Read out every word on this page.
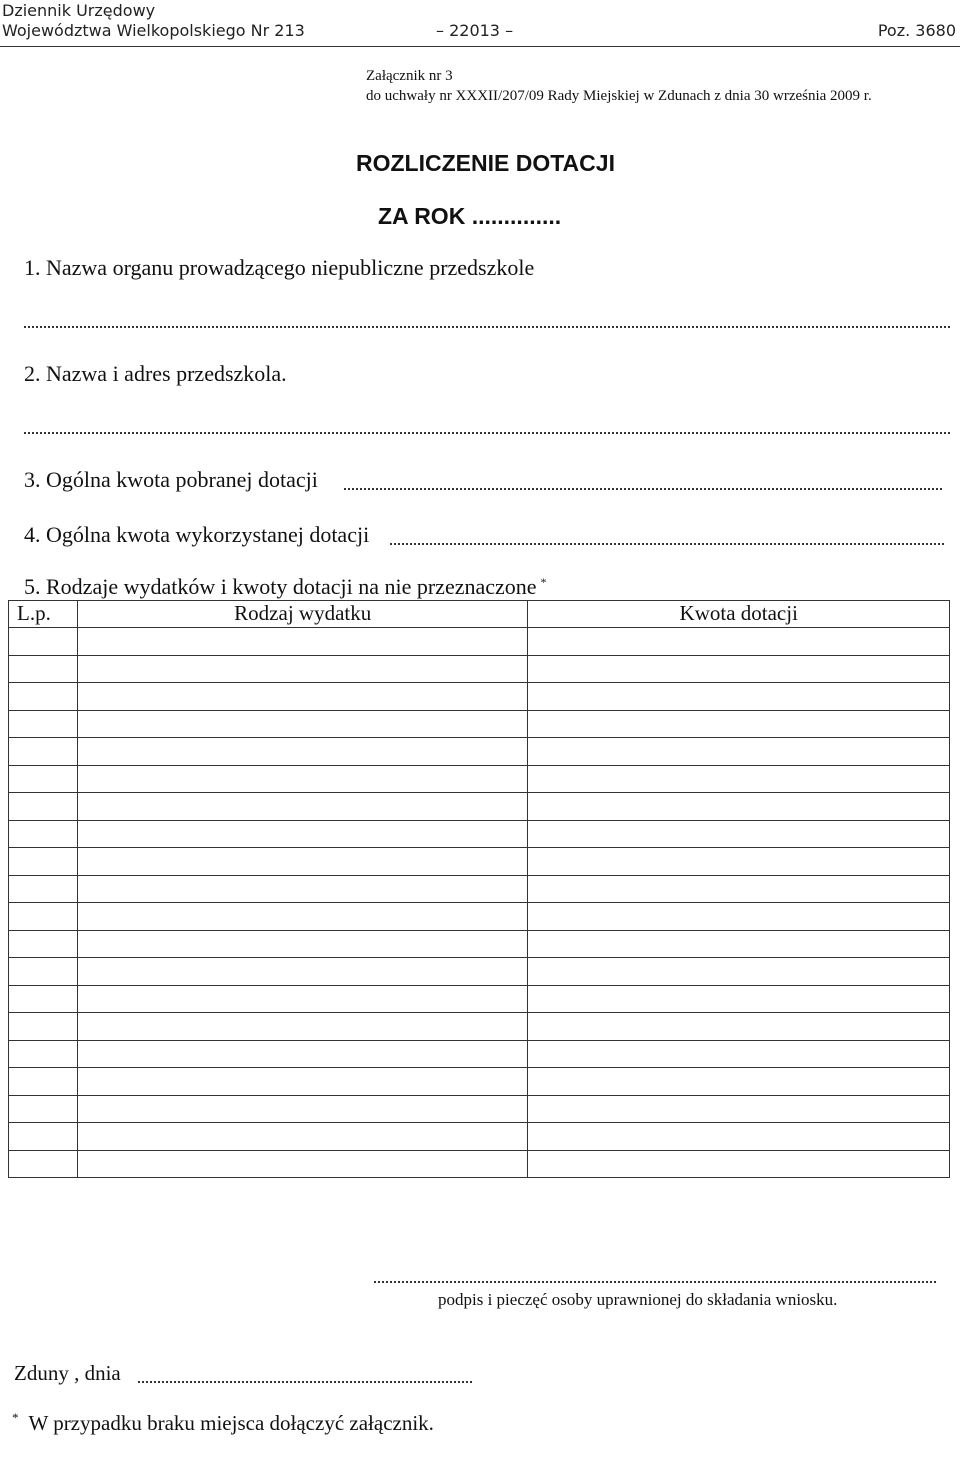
Dziennik Urzędowy
Województwa Wielkopolskiego Nr 213	– 22013 –	Poz. 3680
Załącznik nr 3
do uchwały nr XXXII/207/09 Rady Miejskiej w Zdunach z dnia 30 września 2009 r.
ROZLICZENIE DOTACJI
ZA ROK ..............
1. Nazwa organu prowadzącego niepubliczne przedszkole
2. Nazwa i adres przedszkola.
3. Ogólna kwota pobranej dotacji
4. Ogólna kwota wykorzystanej dotacji
5. Rodzaje wydatków i kwoty dotacji na nie przeznaczone *
L.p.	Rodzaj wydatku	Kwota dotacji

podpis i pieczęć osoby uprawnionej do składania wniosku.
Zduny , dnia
* W przypadku braku miejsca dołączyć załącznik.
